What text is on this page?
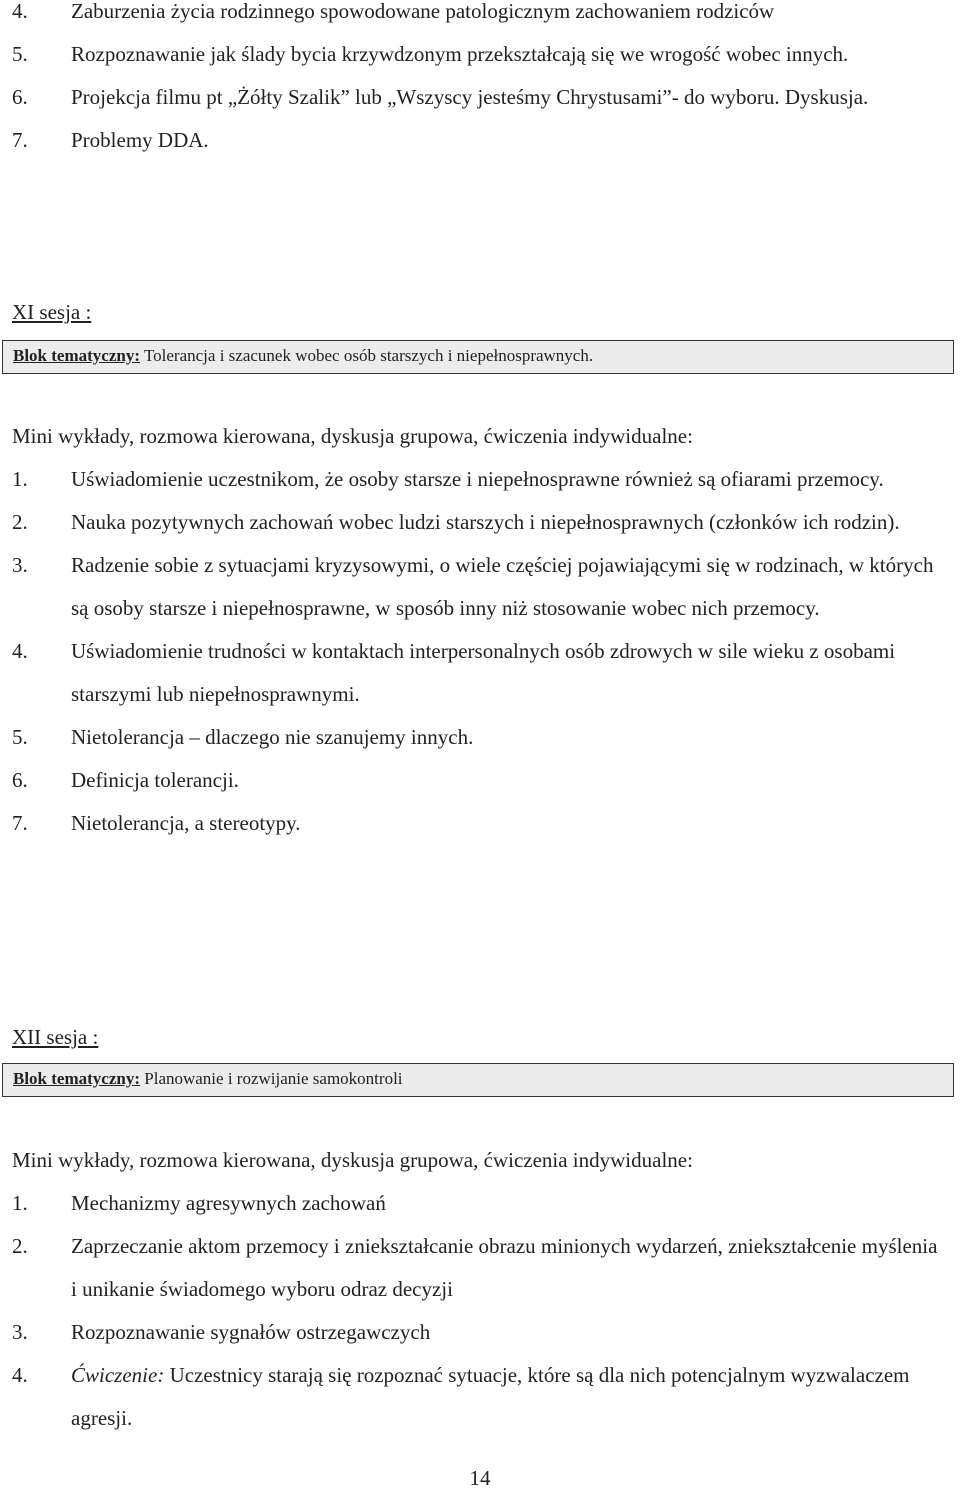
4. Zaburzenia życia rodzinnego spowodowane patologicznym zachowaniem rodziców
5. Rozpoznawanie jak ślady bycia krzywdzonym przekształcają się we wrogość wobec innych.
6. Projekcja filmu pt „Żółty Szalik” lub „Wszyscy jesteśmy Chrystusami”- do wyboru. Dyskusja.
7. Problemy DDA.
XI sesja :
Blok tematyczny: Tolerancja i szacunek wobec osób starszych i niepełnosprawnych.
Mini wykłady, rozmowa kierowana, dyskusja grupowa, ćwiczenia indywidualne:
1. Uświadomienie uczestnikom, że osoby starsze i niepełnosprawne również są ofiarami przemocy.
2. Nauka pozytywnych zachowań wobec ludzi starszych i niepełnosprawnych (członków ich rodzin).
3. Radzenie sobie z sytuacjami kryzysowymi, o wiele częściej pojawiającymi się w rodzinach, w których są osoby starsze i niepełnosprawne, w sposób inny niż stosowanie wobec nich przemocy.
4. Uświadomienie trudności w kontaktach interpersonalnych osób zdrowych w sile wieku z osobami starszymi lub niepełnosprawnymi.
5. Nietolerancja – dlaczego nie szanujemy innych.
6. Definicja tolerancji.
7. Nietolerancja, a stereotypy.
XII sesja :
Blok tematyczny: Planowanie i rozwijanie samokontroli
Mini wykłady, rozmowa kierowana, dyskusja grupowa, ćwiczenia indywidualne:
1. Mechanizmy agresywnych zachowań
2. Zaprzeczanie aktom przemocy i zniekształcanie obrazu minionych wydarzeń, zniekształcenie myślenia i unikanie świadomego wyboru odraz decyzji
3. Rozpoznawanie sygnałów ostrzegawczych
4. Ćwiczenie: Uczestnicy starają się rozpoznać sytuacje, które są dla nich potencjalnym wyzwalaczem agresji.
14
